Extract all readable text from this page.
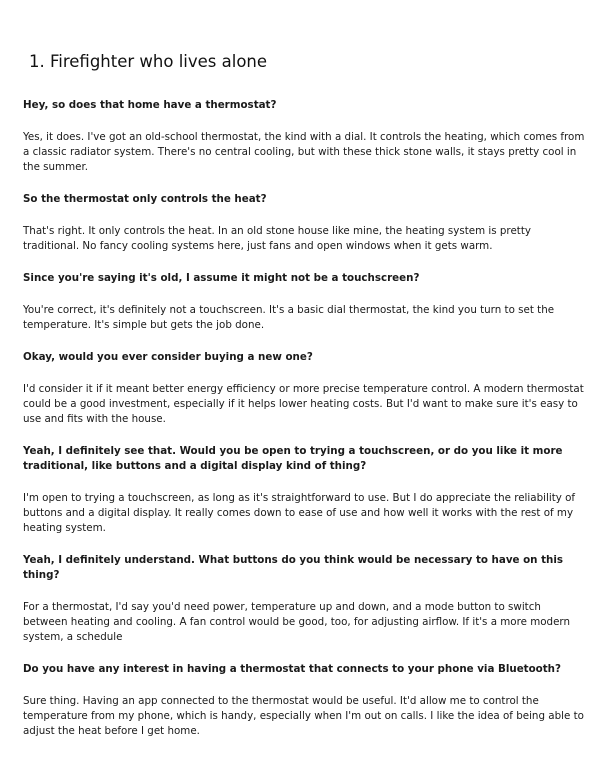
1. Firefighter who lives alone

Hey, so does that home have a thermostat?

Yes, it does. I've got an old-school thermostat, the kind with a dial. It controls the heating, which comes from a classic radiator system. There's no central cooling, but with these thick stone walls, it stays pretty cool in the summer.

So the thermostat only controls the heat?

That's right. It only controls the heat. In an old stone house like mine, the heating system is pretty traditional. No fancy cooling systems here, just fans and open windows when it gets warm.

Since you're saying it's old, I assume it might not be a touchscreen?

You're correct, it's definitely not a touchscreen. It's a basic dial thermostat, the kind you turn to set the temperature. It's simple but gets the job done.

Okay, would you ever consider buying a new one?

I'd consider it if it meant better energy efficiency or more precise temperature control. A modern thermostat could be a good investment, especially if it helps lower heating costs. But I'd want to make sure it's easy to use and fits with the house.

Yeah, I definitely see that. Would you be open to trying a touchscreen, or do you like it more traditional, like buttons and a digital display kind of thing?

I'm open to trying a touchscreen, as long as it's straightforward to use. But I do appreciate the reliability of buttons and a digital display. It really comes down to ease of use and how well it works with the rest of my heating system.

Yeah, I definitely understand. What buttons do you think would be necessary to have on this thing?

For a thermostat, I'd say you'd need power, temperature up and down, and a mode button to switch between heating and cooling. A fan control would be good, too, for adjusting airflow. If it's a more modern system, a schedule

Do you have any interest in having a thermostat that connects to your phone via Bluetooth?

Sure thing. Having an app connected to the thermostat would be useful. It'd allow me to control the temperature from my phone, which is handy, especially when I'm out on calls. I like the idea of being able to adjust the heat before I get home.
